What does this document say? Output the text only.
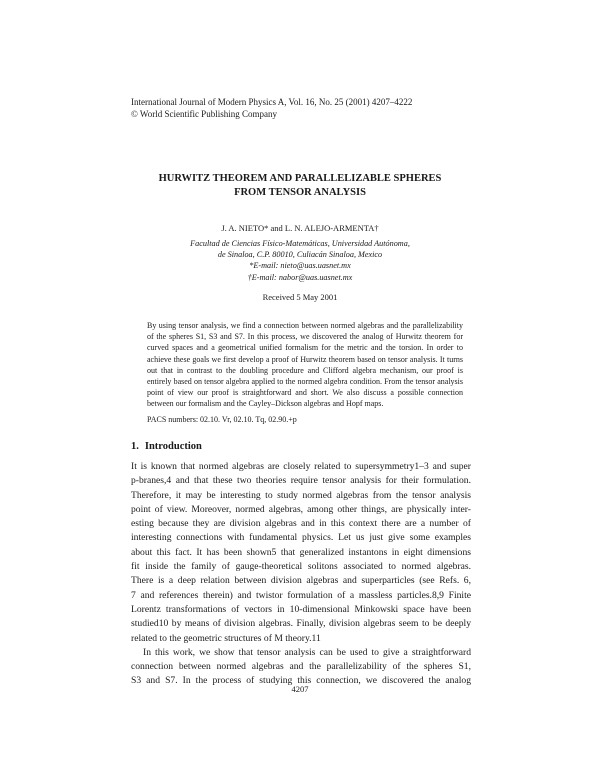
International Journal of Modern Physics A, Vol. 16, No. 25 (2001) 4207–4222
© World Scientific Publishing Company
HURWITZ THEOREM AND PARALLELIZABLE SPHERES
FROM TENSOR ANALYSIS
J. A. NIETO* and L. N. ALEJO-ARMENTA†
Facultad de Ciencias Físico-Matemáticas, Universidad Autónoma,
de Sinaloa, C.P. 80010, Culiacán Sinaloa, Mexico
*E-mail: nieto@uas.uasnet.mx
†E-mail: nabor@uas.uasnet.mx
Received 5 May 2001
By using tensor analysis, we find a connection between normed algebras and the parallelizability of the spheres S1, S3 and S7. In this process, we discovered the analog of Hurwitz theorem for curved spaces and a geometrical unified formalism for the metric and the torsion. In order to achieve these goals we first develop a proof of Hurwitz theorem based on tensor analysis. It turns out that in contrast to the doubling procedure and Clifford algebra mechanism, our proof is entirely based on tensor algebra applied to the normed algebra condition. From the tensor analysis point of view our proof is straightforward and short. We also discuss a possible connection between our formalism and the Cayley–Dickson algebras and Hopf maps.
PACS numbers: 02.10. Vr, 02.10. Tq, 02.90.+p
1. Introduction
It is known that normed algebras are closely related to supersymmetry1–3 and super
p-branes,4 and that these two theories require tensor analysis for their formulation.
Therefore, it may be interesting to study normed algebras from the tensor analysis
point of view. Moreover, normed algebras, among other things, are physically inter-
esting because they are division algebras and in this context there are a number of
interesting connections with fundamental physics. Let us just give some examples
about this fact. It has been shown5 that generalized instantons in eight dimensions
fit inside the family of gauge-theoretical solitons associated to normed algebras.
There is a deep relation between division algebras and superparticles (see Refs. 6,
7 and references therein) and twistor formulation of a massless particles.8,9 Finite
Lorentz transformations of vectors in 10-dimensional Minkowski space have been
studied10 by means of division algebras. Finally, division algebras seem to be deeply
related to the geometric structures of M theory.11
In this work, we show that tensor analysis can be used to give a straightforward
connection between normed algebras and the parallelizability of the spheres S1,
S3 and S7. In the process of studying this connection, we discovered the analog
4207
